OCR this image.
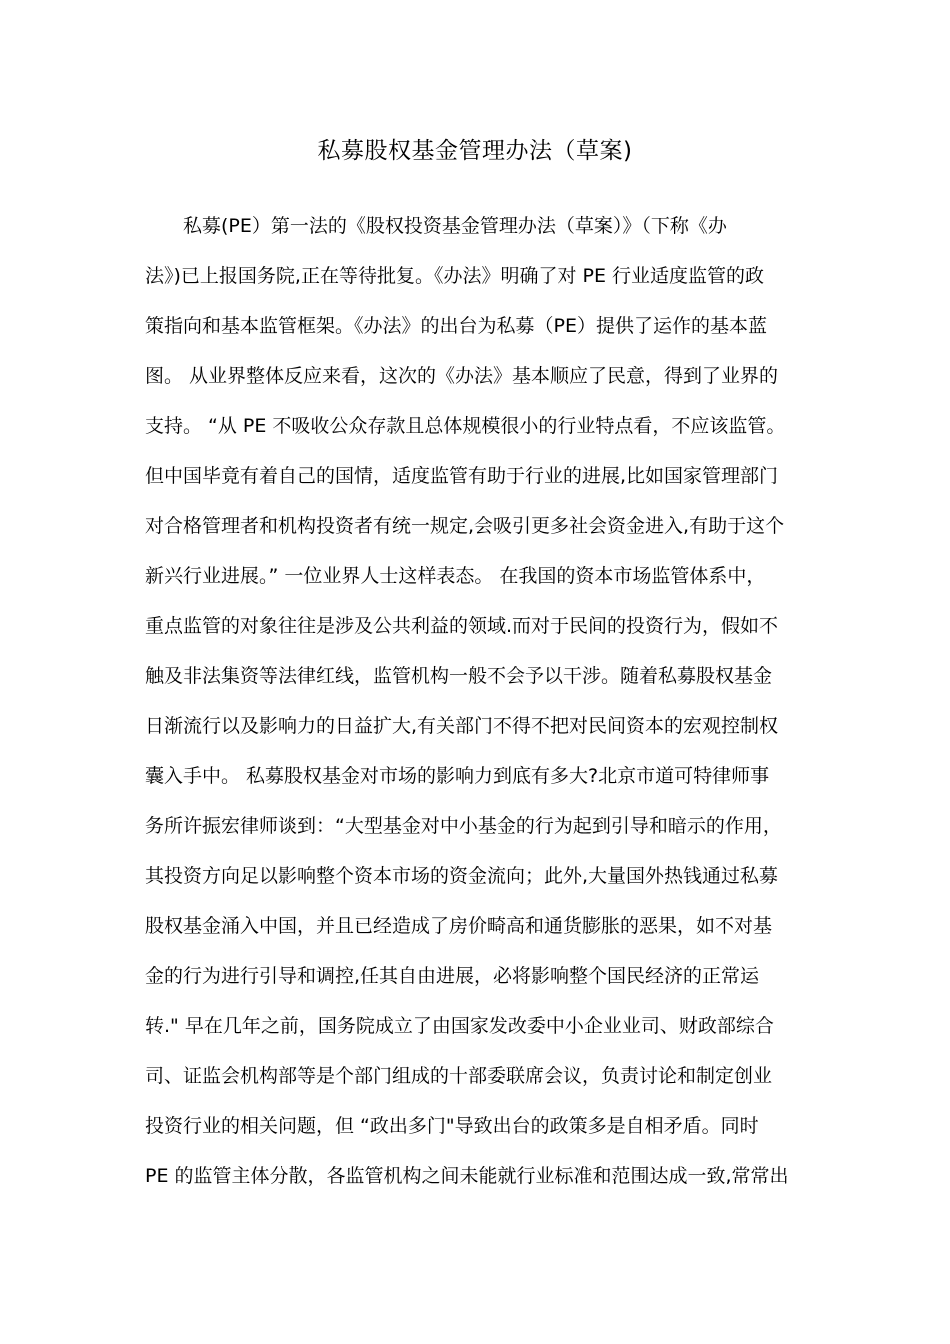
私募股权基金管理办法（草案)
私募(PE）第一法的《股权投资基金管理办法（草案）》（下称《办
法》)已上报国务院,正在等待批复。《办法》明确了对 PE 行业适度监管的政
策指向和基本监管框架。《办法》的出台为私募（PE）提供了运作的基本蓝
图。 从业界整体反应来看，这次的《办法》基本顺应了民意，得到了业界的
支持。 “从 PE 不吸收公众存款且总体规模很小的行业特点看，不应该监管。
但中国毕竟有着自己的国情，适度监管有助于行业的进展,比如国家管理部门
对合格管理者和机构投资者有统一规定,会吸引更多社会资金进入,有助于这个
新兴行业进展。” 一位业界人士这样表态。 在我国的资本市场监管体系中，
重点监管的对象往往是涉及公共利益的领域.而对于民间的投资行为，假如不
触及非法集资等法律红线，监管机构一般不会予以干涉。随着私募股权基金
日渐流行以及影响力的日益扩大,有关部门不得不把对民间资本的宏观控制权
囊入手中。 私募股权基金对市场的影响力到底有多大?北京市道可特律师事
务所许振宏律师谈到：“大型基金对中小基金的行为起到引导和暗示的作用，
其投资方向足以影响整个资本市场的资金流向；此外,大量国外热钱通过私募
股权基金涌入中国，并且已经造成了房价畸高和通货膨胀的恶果，如不对基
金的行为进行引导和调控,任其自由进展，必将影响整个国民经济的正常运
转." 早在几年之前，国务院成立了由国家发改委中小企业业司、财政部综合
司、证监会机构部等是个部门组成的十部委联席会议，负责讨论和制定创业
投资行业的相关问题，但 “政出多门"导致出台的政策多是自相矛盾。同时
PE 的监管主体分散，各监管机构之间未能就行业标准和范围达成一致,常常出
